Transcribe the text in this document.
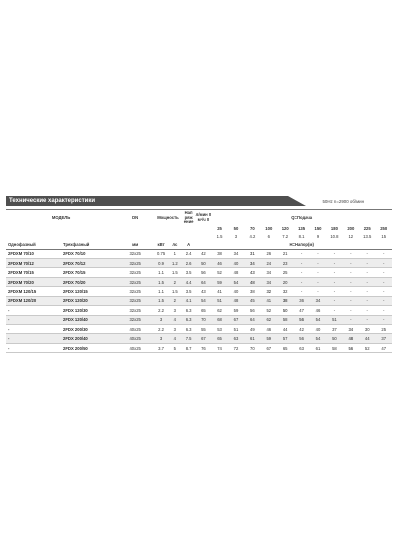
Технические характеристики	50Hz n=2900 об/мин
МОДЕЛЬ		DN	Мощность		Нап ряж ение	л/мин 0
м³/ч 0	Q=Подача										
							25	50	70	100	120	135	150	180	200	225	250
							1.5	3	4.2	6	7.2	8.1	9	10.8	12	13.5	15
Однофазный	Трехфазный	мм	кВт	лс	А		H=Напор(м)										
2FDXM 70/10	2FDX 70/10	32x25	0.75	1	2.4	42	38	34	31	26	21	-	-	-	-	-	-
2FDXM 70/12	2FDX 70/12	32x25	0.9	1.2	2.6	50	46	40	34	24	23	-	-	-	-	-	-
2FDXM 70/15	2FDX 70/15	32x25	1.1	1.5	3.5	56	52	48	43	34	25	-	-	-	-	-	-
2FDXM 70/20	2FDX 70/20	32x25	1.5	2	4.4	64	59	54	48	34	20	-	-	-	-	-	-
2FDXM 120/15	2FDX 120/15	32x25	1.1	1.5	3.5	43	41	40	38	32	32	-	-	-	-	-	-
2FDXM 120/20	2FDX 120/20	32x25	1.5	2	4.1	54	51	48	45	41	38	36	34	-	-	-	-
-	2FDX 120/30	32x25	2.2	3	6.3	65	62	59	56	52	50	47	46	-	-	-	-
-	2FDX 120/40	32x25	3	4	6.3	70	68	67	64	62	58	56	54	51	-	-	-
-	2FDX 200/30	40x25	2.2	3	6.3	55	53	51	49	46	44	42	40	37	34	30	25
-	2FDX 200/40	40x25	3	4	7.5	67	65	63	61	59	57	56	54	50	48	44	37
-	2FDX 200/50	40x25	3.7	5	8.7	76	74	72	70	67	65	63	61	58	56	52	47
